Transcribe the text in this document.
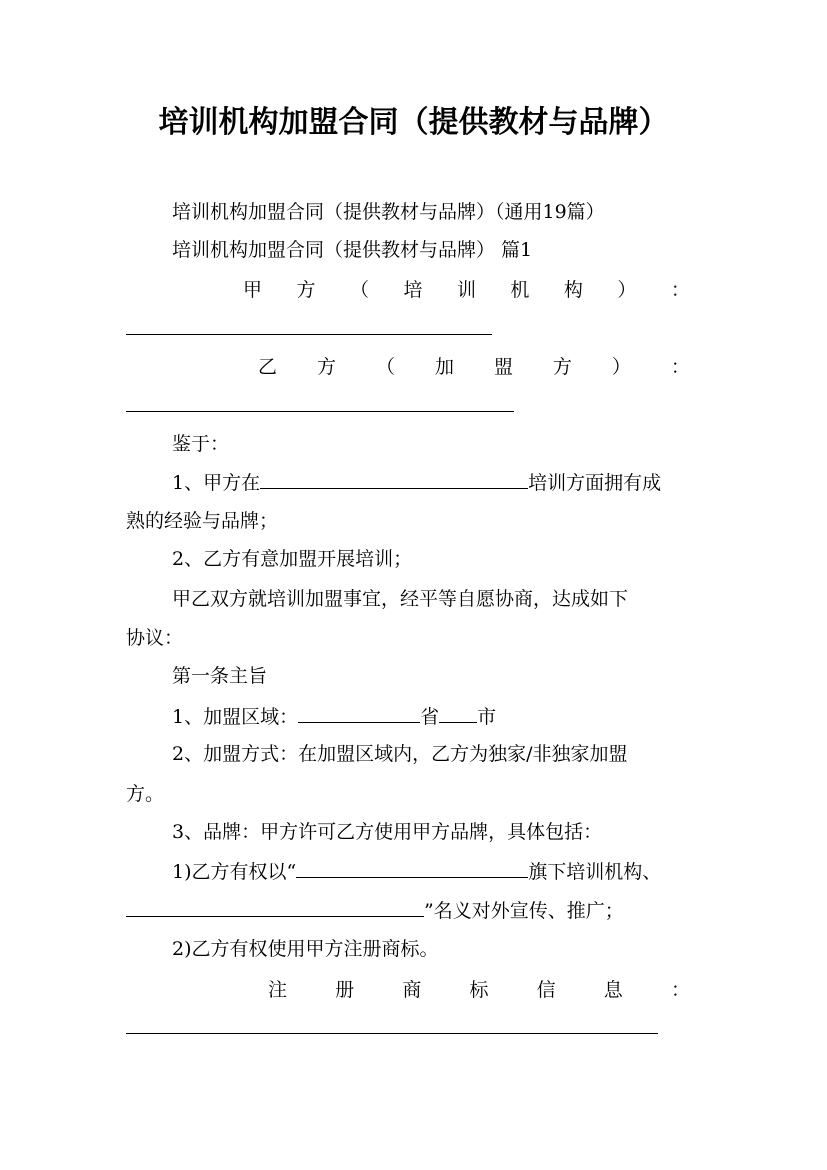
培训机构加盟合同（提供教材与品牌）
培训机构加盟合同（提供教材与品牌）（通用19篇）
培训机构加盟合同（提供教材与品牌） 篇1
甲 方 （ 培 训 机 构 ） ：
乙 方 （ 加 盟 方 ） ：
鉴于：
1、甲方在	培训方面拥有成
熟的经验与品牌；
2、乙方有意加盟开展培训；
甲乙双方就培训加盟事宜，经平等自愿协商，达成如下
协议：
第一条主旨
1、加盟区域：	省 市
2、加盟方式：在加盟区域内，乙方为独家/非独家加盟
方。
3、品牌：甲方许可乙方使用甲方品牌，具体包括：
1)乙方有权以“	旗下培训机构、
”名义对外宣传、推广；
2)乙方有权使用甲方注册商标。
注	册	商	标	信	息	：
